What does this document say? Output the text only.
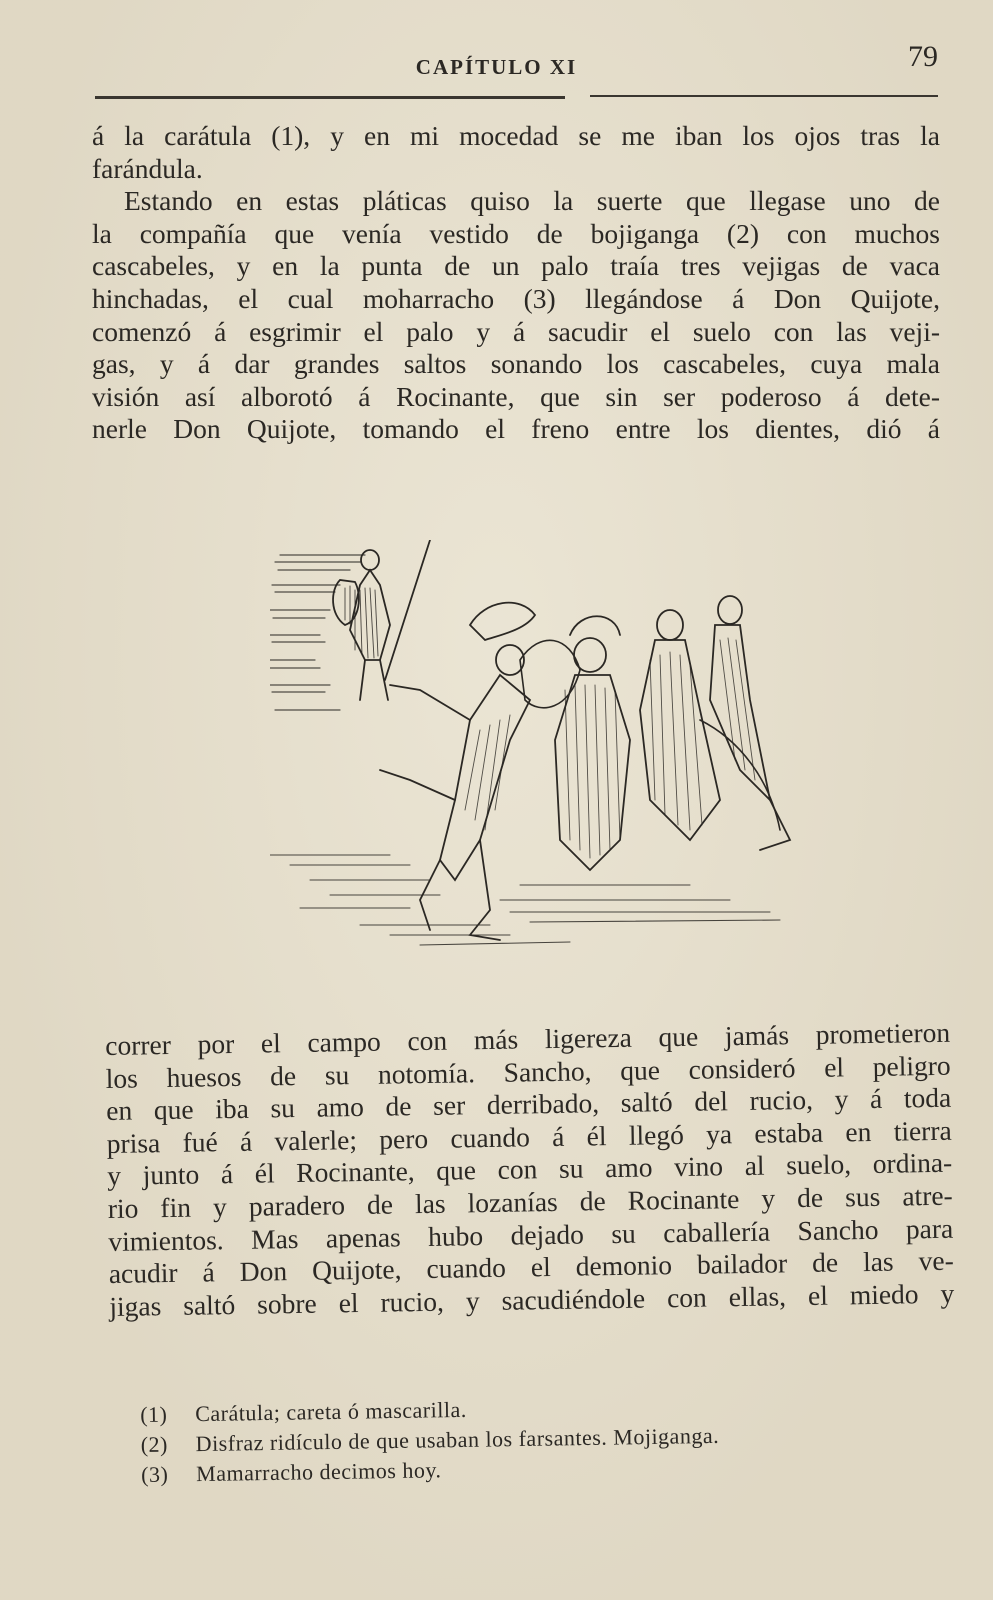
CAPÍTULO XI	79
á la carátula (1), y en mi mocedad se me iban los ojos tras la
farándula.
Estando en estas pláticas quiso la suerte que llegase uno de
la compañía que venía vestido de bojiganga (2) con muchos
cascabeles, y en la punta de un palo traía tres vejigas de vaca
hinchadas, el cual moharracho (3) llegándose á Don Quijote,
comenzó á esgrimir el palo y á sacudir el suelo con las veji-
gas, y á dar grandes saltos sonando los cascabeles, cuya mala
visión así alborotó á Rocinante, que sin ser poderoso á dete-
nerle Don Quijote, tomando el freno entre los dientes, dió á
correr por el campo con más ligereza que jamás prometieron
los huesos de su notomía. Sancho, que consideró el peligro
en que iba su amo de ser derribado, saltó del rucio, y á toda
prisa fué á valerle; pero cuando á él llegó ya estaba en tierra
y junto á él Rocinante, que con su amo vino al suelo, ordina-
rio fin y paradero de las lozanías de Rocinante y de sus atre-
vimientos. Mas apenas hubo dejado su caballería Sancho para
acudir á Don Quijote, cuando el demonio bailador de las ve-
jigas saltó sobre el rucio, y sacudiéndole con ellas, el miedo y
(1) Carátula; careta ó mascarilla.
(2) Disfraz ridículo de que usaban los farsantes. Mojiganga.
(3) Mamarracho decimos hoy.
